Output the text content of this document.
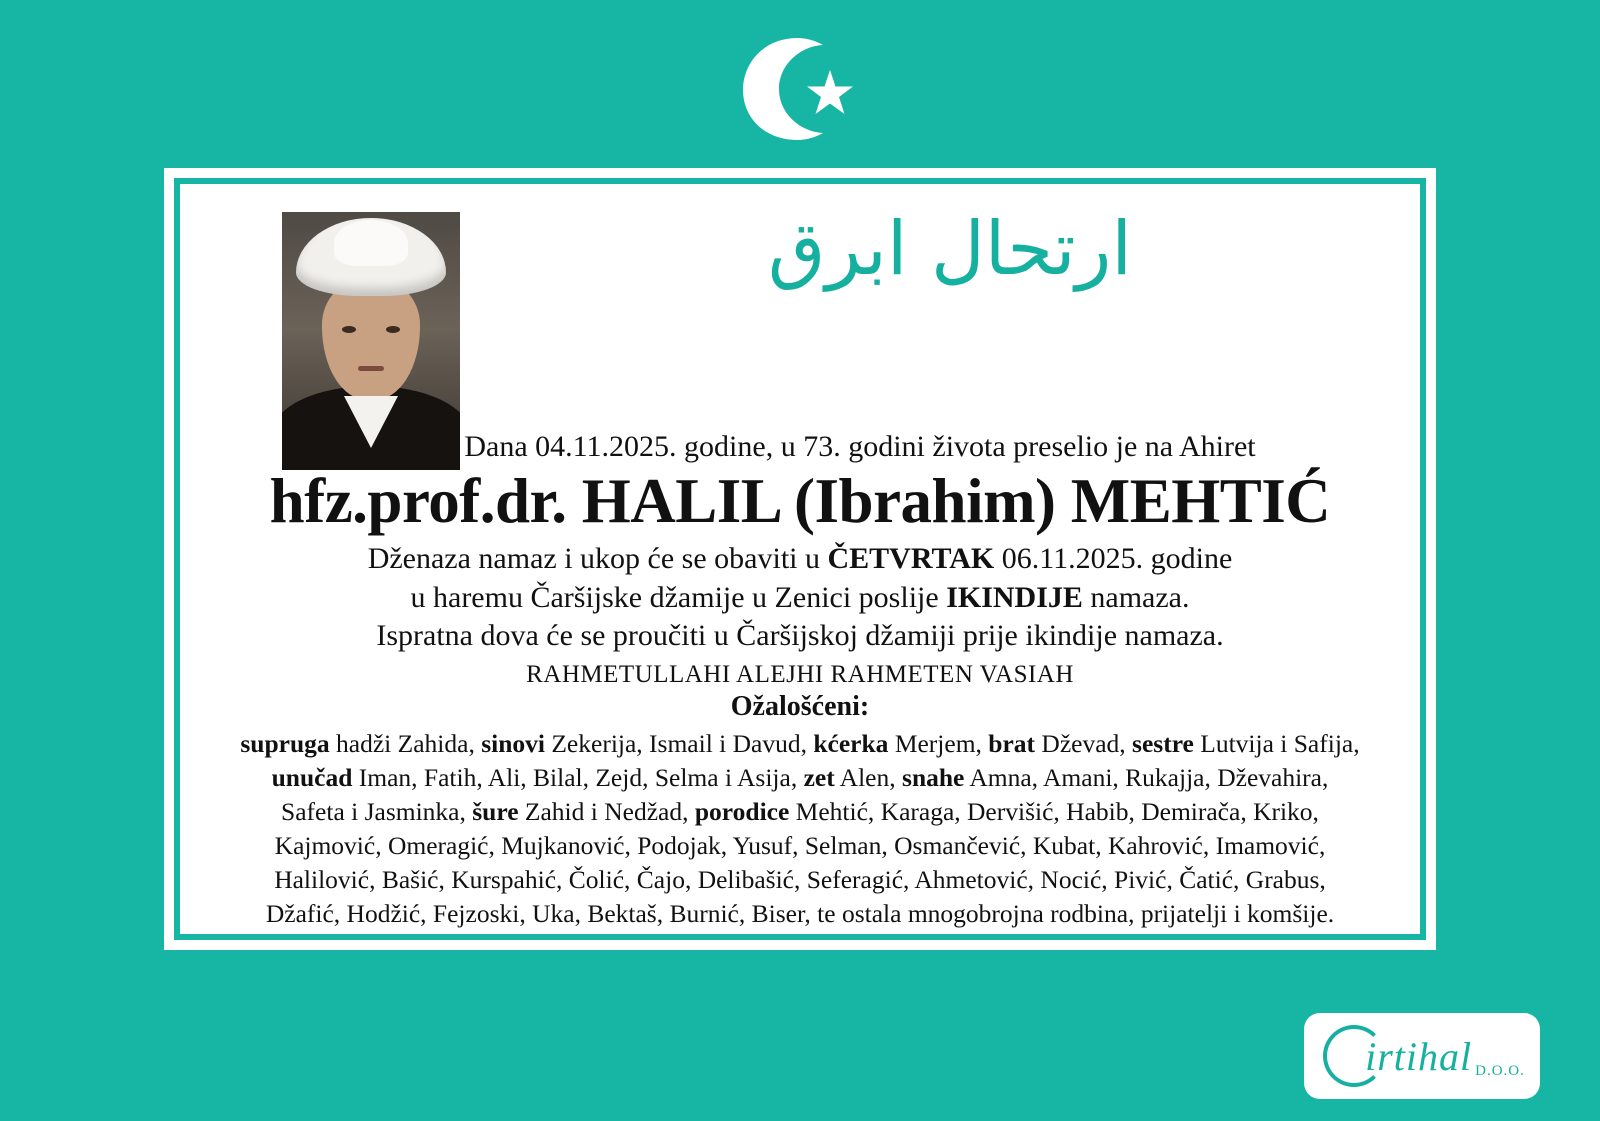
ارتحال ابرق

Dana 04.11.2025. godine, u 73. godini života preselio je na Ahiret

hfz.prof.dr. HALIL (Ibrahim) MEHTIĆ

Dženaza namaz i ukop će se obaviti u ČETVRTAK 06.11.2025. godine

u haremu Čaršijske džamije u Zenici poslije IKINDIJE namaza.

Ispratna dova će se proučiti u Čaršijskoj džamiji prije ikindije namaza.

RAHMETULLAHI ALEJHI RAHMETEN VASIAH

Ožalošćeni:

supruga hadži Zahida, sinovi Zekerija, Ismail i Davud, kćerka Merjem, brat Dževad, sestre Lutvija i Safija,

unučad Iman, Fatih, Ali, Bilal, Zejd, Selma i Asija, zet Alen, snahe Amna, Amani, Rukajja, Dževahira,

Safeta i Jasminka, šure Zahid i Nedžad, porodice Mehtić, Karaga, Dervišić, Habib, Demirača, Kriko,

Kajmović, Omeragić, Mujkanović, Podojak, Yusuf, Selman, Osmančević, Kubat, Kahrović, Imamović,

Halilović, Bašić, Kurspahić, Čolić, Čajo, Delibašić, Seferagić, Ahmetović, Nocić, Pivić, Čatić, Grabus,

Džafić, Hodžić, Fejzoski, Uka, Bektaš, Burnić, Biser, te ostala mnogobrojna rodbina, prijatelji i komšije.

irtihal D.O.O.
